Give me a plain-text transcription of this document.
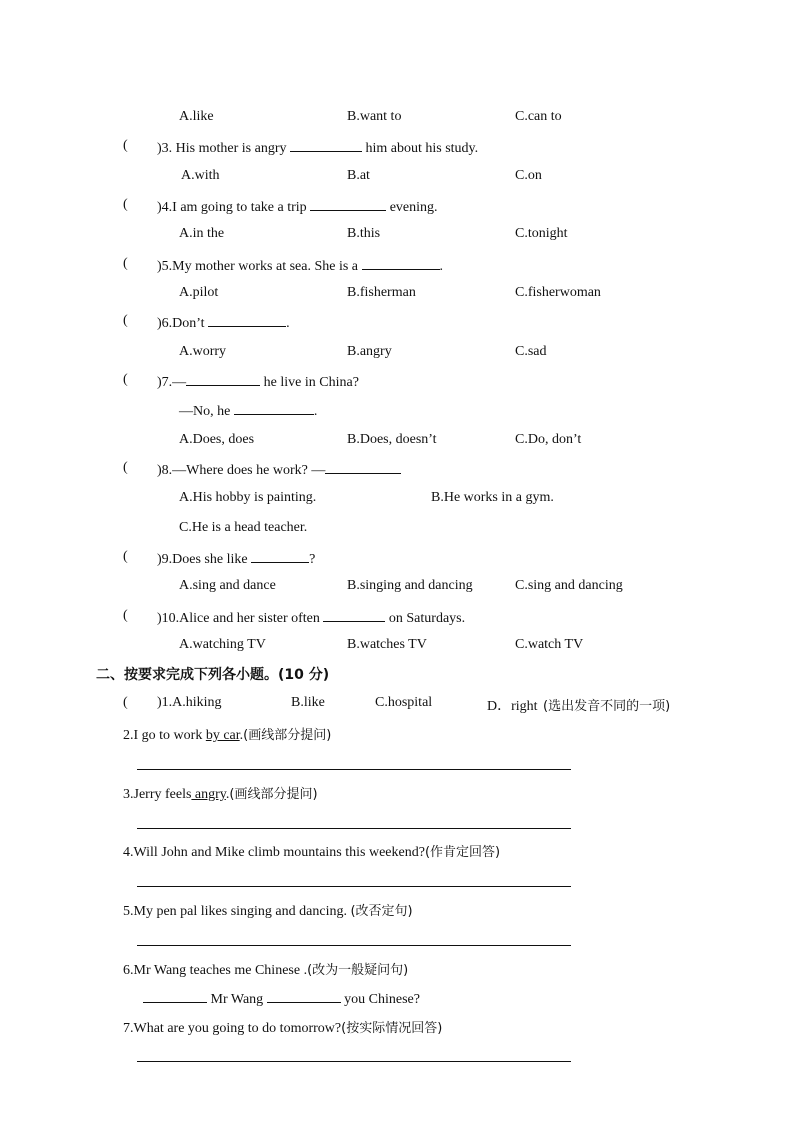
A.like	B.want to	C.can to
( )3. His mother is angry	him about his study.
A.with	B.at	C.on
( )4.I am going to take a trip	evening.
A.in the	B.this	C.tonight
( )5.My mother works at sea. She is a	.
A.pilot	B.fisherman	C.fisherwoman
( )6.Don’t	.
A.worry	B.angry	C.sad
( )7.—	he live in China?
—No, he	.
A.Does, does	B.Does, doesn’t	C.Do, don’t
( )8.—Where does he work? —
A.His hobby is painting.	B.He works in a gym.
C.He is a head teacher.
( )9.Does she like	?
A.sing and dance	B.singing and dancing	C.sing and dancing
( )10.Alice and her sister often	on Saturdays.
A.watching TV	B.watches TV	C.watch TV
二、按要求完成下列各小题。(10 分)
( )1.A.hiking	B.like	C.hospital	D．right (选出发音不同的一项)
2.I go to work by car.(画线部分提问)
3.Jerry feels angry.(画线部分提问)
4.Will John and Mike climb mountains this weekend?(作肯定回答)
5.My pen pal likes singing and dancing. (改否定句)
6.Mr Wang teaches me Chinese .(改为一般疑问句)
Mr Wang	you Chinese?
7.What are you going to do tomorrow?(按实际情况回答)
